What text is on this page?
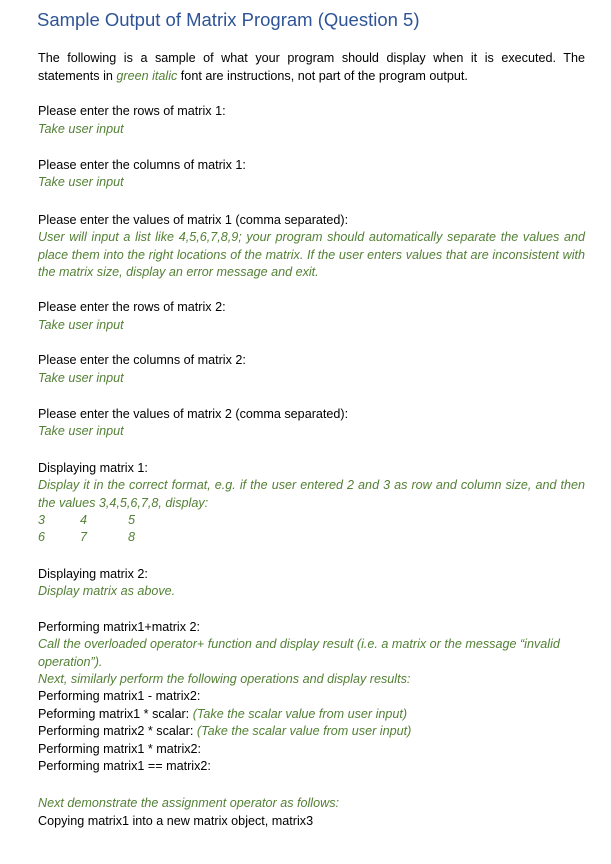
Sample Output of Matrix Program (Question 5)
The following is a sample of what your program should display when it is executed. The statements in green italic font are instructions, not part of the program output.
Please enter the rows of matrix 1:
Take user input
Please enter the columns of matrix 1:
Take user input
Please enter the values of matrix 1 (comma separated):
User will input a list like 4,5,6,7,8,9; your program should automatically separate the values and place them into the right locations of the matrix. If the user enters values that are inconsistent with the matrix size, display an error message and exit.
Please enter the rows of matrix 2:
Take user input
Please enter the columns of matrix 2:
Take user input
Please enter the values of matrix 2 (comma separated):
Take user input
Displaying matrix 1:
Display it in the correct format, e.g. if the user entered 2 and 3 as row and column size, and then the values 3,4,5,6,7,8, display:
3	4	5
6	7	8
Displaying matrix 2:
Display matrix as above.
Performing matrix1+matrix 2:
Call the overloaded operator+ function and display result (i.e. a matrix or the message “invalid operation”).
Next, similarly perform the following operations and display results:
Performing matrix1 - matrix2:
Peforming matrix1 * scalar: (Take the scalar value from user input)
Performing matrix2 * scalar: (Take the scalar value from user input)
Performing matrix1 * matrix2:
Performing matrix1 == matrix2:
Next demonstrate the assignment operator as follows:
Copying matrix1 into a new matrix object, matrix3
